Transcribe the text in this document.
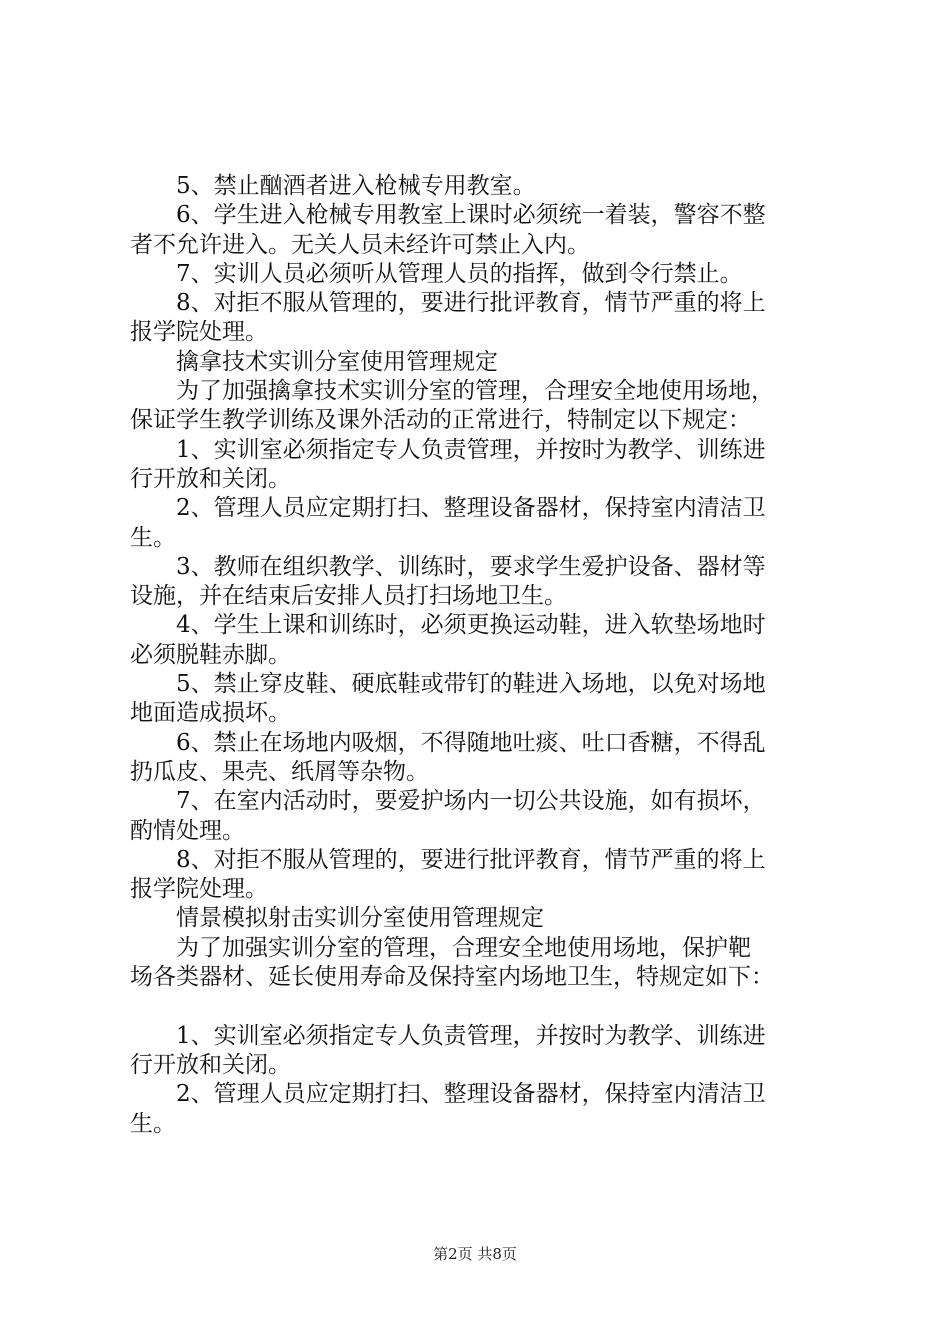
5、禁止酗酒者进入枪械专用教室。
6、学生进入枪械专用教室上课时必须统一着装，警容不整
者不允许进入。无关人员未经许可禁止入内。
7、实训人员必须听从管理人员的指挥，做到令行禁止。
8、对拒不服从管理的，要进行批评教育，情节严重的将上
报学院处理。
擒拿技术实训分室使用管理规定
为了加强擒拿技术实训分室的管理，合理安全地使用场地，
保证学生教学训练及课外活动的正常进行，特制定以下规定：
1、实训室必须指定专人负责管理，并按时为教学、训练进
行开放和关闭。
2、管理人员应定期打扫、整理设备器材，保持室内清洁卫
生。
3、教师在组织教学、训练时，要求学生爱护设备、器材等
设施，并在结束后安排人员打扫场地卫生。
4、学生上课和训练时，必须更换运动鞋，进入软垫场地时
必须脱鞋赤脚。
5、禁止穿皮鞋、硬底鞋或带钉的鞋进入场地，以免对场地
地面造成损坏。
6、禁止在场地内吸烟，不得随地吐痰、吐口香糖，不得乱
扔瓜皮、果壳、纸屑等杂物。
7、在室内活动时，要爱护场内一切公共设施，如有损坏，
酌情处理。
8、对拒不服从管理的，要进行批评教育，情节严重的将上
报学院处理。
情景模拟射击实训分室使用管理规定
为了加强实训分室的管理，合理安全地使用场地，保护靶
场各类器材、延长使用寿命及保持室内场地卫生，特规定如下：
1、实训室必须指定专人负责管理，并按时为教学、训练进
行开放和关闭。
2、管理人员应定期打扫、整理设备器材，保持室内清洁卫
生。
第2页 共8页
